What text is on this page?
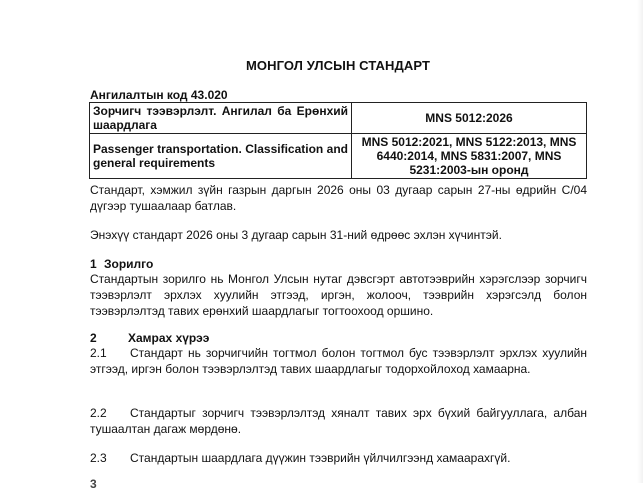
МОНГОЛ УЛСЫН СТАНДАРТ
Ангилалтын код 43.020
Зорчигч тээвэрлэлт. Ангилал ба Ерөнхий шаардлага	MNS 5012:2026
Passenger transportation. Classification and general requirements	MNS 5012:2021, MNS 5122:2013, MNS 6440:2014, MNS 5831:2007, MNS 5231:2003-ын оронд
Стандарт, хэмжил зүйн газрын даргын 2026 оны 03 дугаар сарын 27-ны өдрийн С/04 дүгээр тушаалаар батлав.
Энэхүү стандарт 2026 оны 3 дугаар сарын 31-ний өдрөөс эхлэн хүчинтэй.
1 Зорилго
Стандартын зорилго нь Монгол Улсын нутаг дэвсгэрт автотээврийн хэрэгслээр зорчигч тээвэрлэлт эрхлэх хуулийн этгээд, иргэн, жолооч, тээврийн хэрэгсэлд болон тээвэрлэлтэд тавих ерөнхий шаардлагыг тогтоохоод оршино.
2	Хамрах хүрээ
2.1 Стандарт нь зорчигчийн тогтмол болон тогтмол бус тээвэрлэлт эрхлэх хуулийн этгээд, иргэн болон тээвэрлэлтэд тавих шаардлагыг тодорхойлоход хамаарна.
2.2 Стандартыг зорчигч тээвэрлэлтэд хяналт тавих эрх бүхий байгууллага, албан тушаалтан дагаж мөрдөнө.
2.3 Стандартын шаардлага дүүжин тээврийн үйлчилгээнд хамаарахгүй.
3
